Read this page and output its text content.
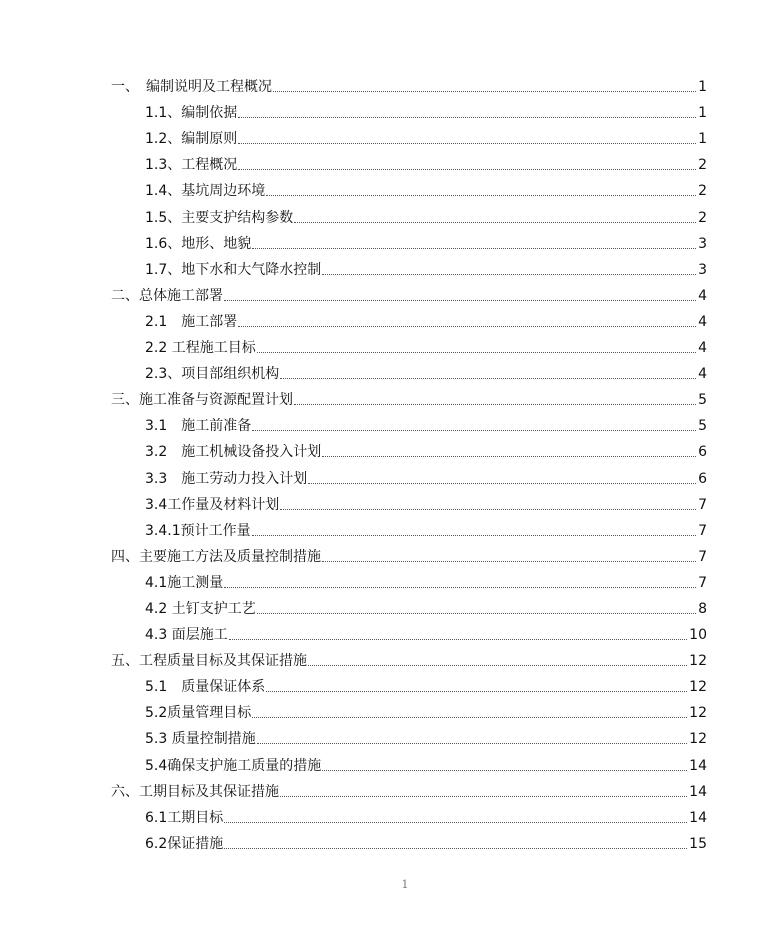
一、　编制说明及工程概况	1
1.1、编制依据	1
1.2、编制原则	1
1.3、工程概况	2
1.4、基坑周边环境	2
1.5、主要支护结构参数	2
1.6、地形、地貌	3
1.7、地下水和大气降水控制	3
二、总体施工部署	4
2.1　施工部署	4
2.2 工程施工目标	4
2.3、项目部组织机构	4
三、施工准备与资源配置计划	5
3.1　施工前准备	5
3.2　施工机械设备投入计划	6
3.3　施工劳动力投入计划	6
3.4工作量及材料计划	7
3.4.1预计工作量	7
四、主要施工方法及质量控制措施	7
4.1施工测量	7
4.2 土钉支护工艺	8
4.3 面层施工	10
五、工程质量目标及其保证措施	12
5.1　质量保证体系	12
5.2质量管理目标	12
5.3 质量控制措施	12
5.4确保支护施工质量的措施	14
六、工期目标及其保证措施	14
6.1工期目标	14
6.2保证措施	15
1
